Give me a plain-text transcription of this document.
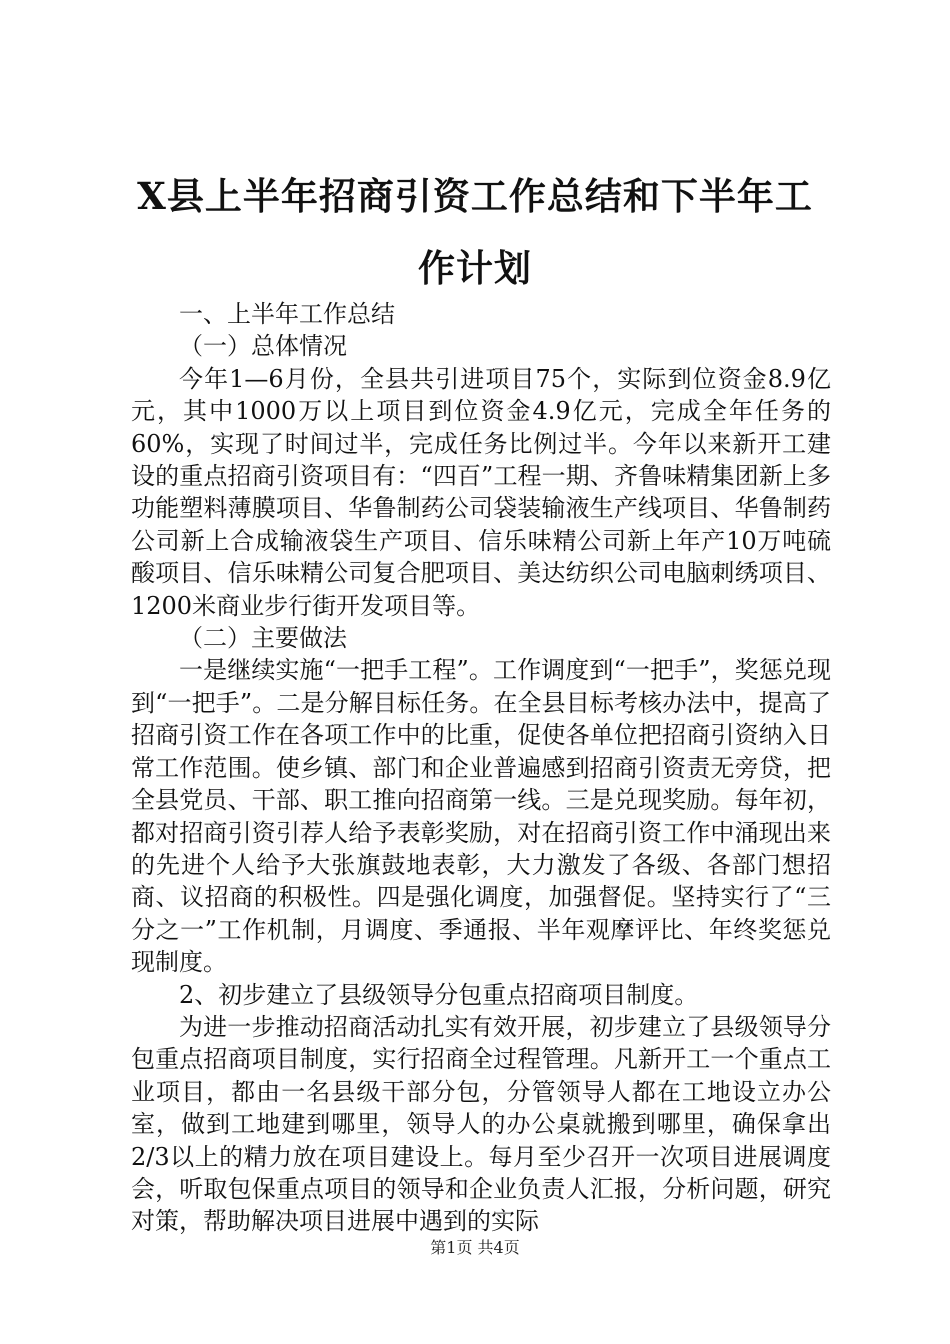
X县上半年招商引资工作总结和下半年工作计划

一、上半年工作总结

（一）总体情况

今年1—6月份，全县共引进项目75个，实际到位资金8.9亿元，其中1000万以上项目到位资金4.9亿元，完成全年任务的60%，实现了时间过半，完成任务比例过半。今年以来新开工建设的重点招商引资项目有：“四百”工程一期、齐鲁味精集团新上多功能塑料薄膜项目、华鲁制药公司袋装输液生产线项目、华鲁制药公司新上合成输液袋生产项目、信乐味精公司新上年产10万吨硫酸项目、信乐味精公司复合肥项目、美达纺织公司电脑刺绣项目、1200米商业步行街开发项目等。

（二）主要做法

一是继续实施“一把手工程”。工作调度到“一把手”，奖惩兑现到“一把手”。二是分解目标任务。在全县目标考核办法中，提高了招商引资工作在各项工作中的比重，促使各单位把招商引资纳入日常工作范围。使乡镇、部门和企业普遍感到招商引资责无旁贷，把全县党员、干部、职工推向招商第一线。三是兑现奖励。每年初，都对招商引资引荐人给予表彰奖励，对在招商引资工作中涌现出来的先进个人给予大张旗鼓地表彰，大力激发了各级、各部门想招商、议招商的积极性。四是强化调度，加强督促。坚持实行了“三分之一”工作机制，月调度、季通报、半年观摩评比、年终奖惩兑现制度。

2、初步建立了县级领导分包重点招商项目制度。

为进一步推动招商活动扎实有效开展，初步建立了县级领导分包重点招商项目制度，实行招商全过程管理。凡新开工一个重点工业项目，都由一名县级干部分包，分管领导人都在工地设立办公室，做到工地建到哪里，领导人的办公桌就搬到哪里，确保拿出2/3以上的精力放在项目建设上。每月至少召开一次项目进展调度会，听取包保重点项目的领导和企业负责人汇报，分析问题，研究对策，帮助解决项目进展中遇到的实际

第1页 共4页
